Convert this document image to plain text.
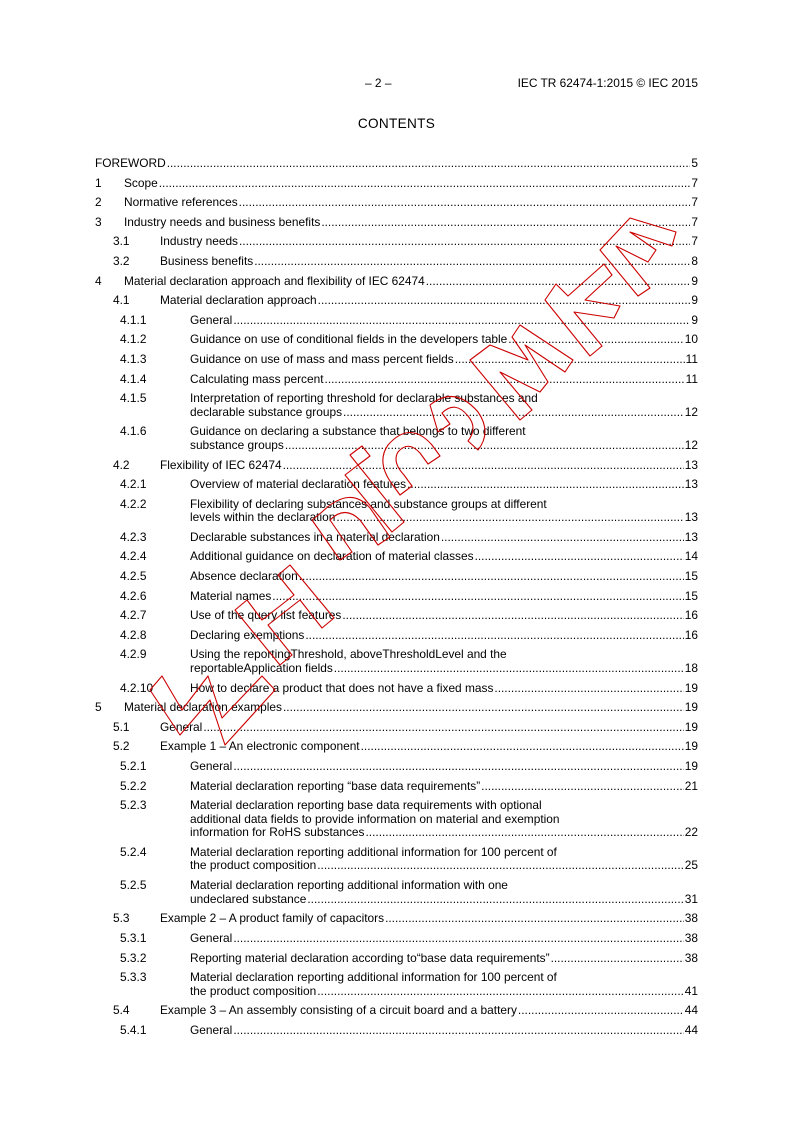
– 2 –	IEC TR 62474-1:2015 © IEC 2015
CONTENTS
FOREWORD .....	5
1 Scope .....	7
2 Normative references .....	7
3 Industry needs and business benefits .....	7
3.1	Industry needs .....	7
3.2	Business benefits .....	8
4 Material declaration approach and flexibility of IEC 62474 .....	9
4.1	Material declaration approach .....	9
4.1.1	General .....	9
4.1.2	Guidance on use of conditional fields in the developers table .....	10
4.1.3	Guidance on use of mass and mass percent fields .....	11
4.1.4	Calculating mass percent .....	11
4.1.5	Interpretation of reporting threshold for declarable substances and
declarable substance groups .....	12
4.1.6	Guidance on declaring a substance that belongs to two different
substance groups .....	12
4.2	Flexibility of IEC 62474 .....	13
4.2.1	Overview of material declaration features .....	13
4.2.2	Flexibility of declaring substances and substance groups at different
levels within the declaration .....	13
4.2.3	Declarable substances in a material declaration .....	13
4.2.4	Additional guidance on declaration of material classes .....	14
4.2.5	Absence declaration .....	15
4.2.6	Material names .....	15
4.2.7	Use of the query list features .....	16
4.2.8	Declaring exemptions .....	16
4.2.9	Using the reportingThreshold, aboveThresholdLevel and the
reportableApplication fields .....	18
4.2.10	How to declare a product that does not have a fixed mass .....	19
5 Material declaration examples .....	19
5.1	General .....	19
5.2	Example 1 – An electronic component .....	19
5.2.1	General .....	19
5.2.2	Material declaration reporting “base data requirements” .....	21
5.2.3	Material declaration reporting base data requirements with optional
additional data fields to provide information on material and exemption
information for RoHS substances .....	22
5.2.4	Material declaration reporting additional information for 100 percent of
the product composition .....	25
5.2.5	Material declaration reporting additional information with one
undeclared substance .....	31
5.3	Example 2 – A product family of capacitors .....	38
5.3.1	General .....	38
5.3.2	Reporting material declaration according to“base data requirements” .....	38
5.3.3	Material declaration reporting additional information for 100 percent of
the product composition .....	41
5.4	Example 3 – An assembly consisting of a circuit board and a battery .....	44
5.4.1	General .....	44
